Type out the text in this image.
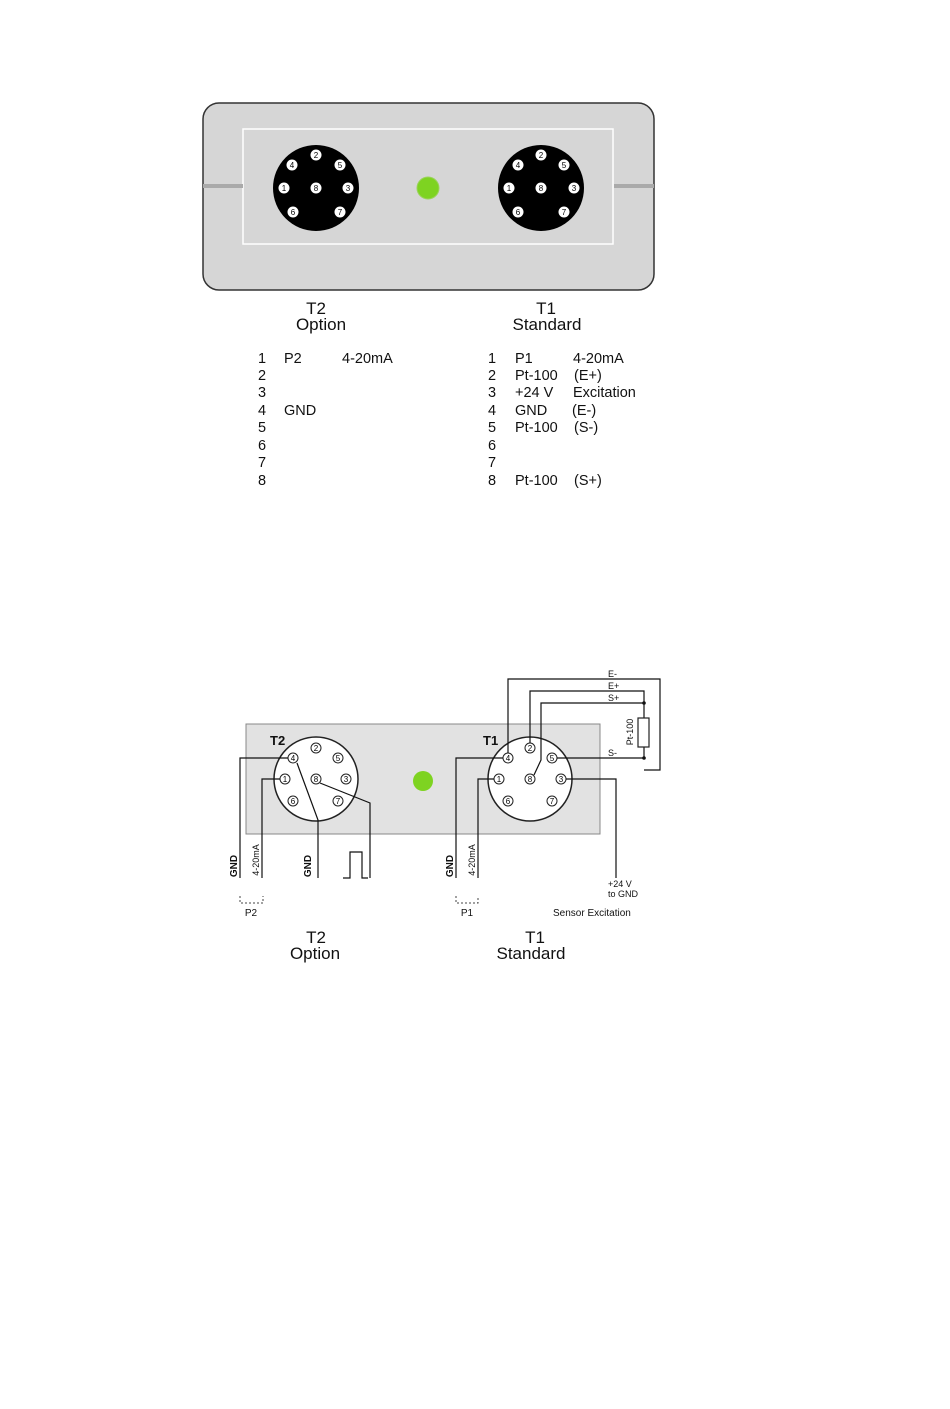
2
4	5
1	8	3
6	7
2
4	5
1	8	3
6	7
T2
Option
T1
Standard
1 P2	4-20mA
2
3
4 GND
5
6
7
8
1 P1	4-20mA
2 Pt-100 (E+)
3 +24 V Excitation
4 GND (E-)
5 Pt-100 (S-)
6
7
8 Pt-100 (S+)
2
4	5
1	8	3
6	7
2
4	5
1	8	3
6	7
T2	T1
E-
E+
S+
S-
Pt-100
GND 4-20mA	GND	GND 4-20mA
+24 V
to GND
P2	P1	Sensor Excitation
T2
Option
T1
Standard
